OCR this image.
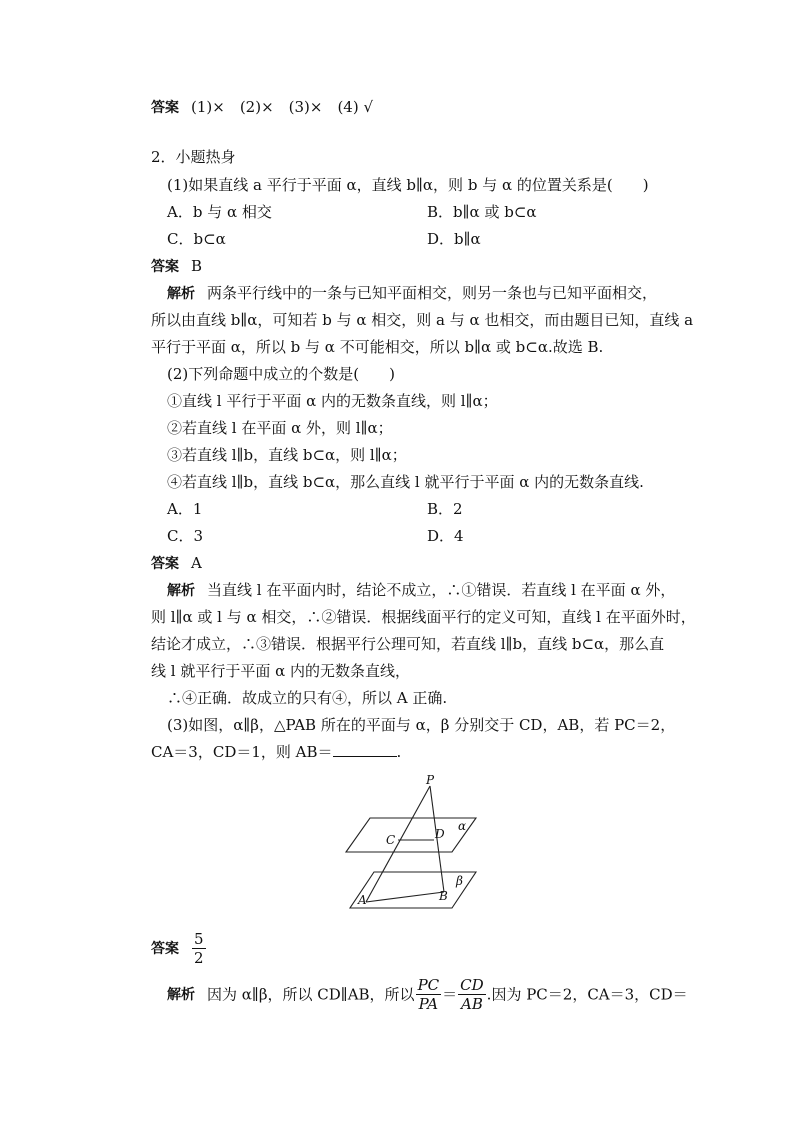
答案 (1)×　(2)×　(3)×　(4) √
2．小题热身
(1)如果直线 a 平行于平面 α，直线 b∥α，则 b 与 α 的位置关系是(　　)
A．b 与 α 相交	B．b∥α 或 b⊂α
C．b⊂α	D．b∥α
答案 B
解析 两条平行线中的一条与已知平面相交，则另一条也与已知平面相交，
所以由直线 b∥α，可知若 b 与 α 相交，则 a 与 α 也相交，而由题目已知，直线 a
平行于平面 α，所以 b 与 α 不可能相交，所以 b∥α 或 b⊂α.故选 B.
(2)下列命题中成立的个数是(　　)
①直线 l 平行于平面 α 内的无数条直线，则 l∥α；
②若直线 l 在平面 α 外，则 l∥α；
③若直线 l∥b，直线 b⊂α，则 l∥α；
④若直线 l∥b，直线 b⊂α，那么直线 l 就平行于平面 α 内的无数条直线.
A．1	B．2
C．3	D．4
答案 A
解析 当直线 l 在平面内时，结论不成立，∴①错误．若直线 l 在平面 α 外，
则 l∥α 或 l 与 α 相交，∴②错误．根据线面平行的定义可知，直线 l 在平面外时，
结论才成立，∴③错误．根据平行公理可知，若直线 l∥b，直线 b⊂α，那么直
线 l 就平行于平面 α 内的无数条直线，
∴④正确．故成立的只有④，所以 A 正确.
(3)如图，α∥β，△PAB 所在的平面与 α，β 分别交于 CD，AB，若 PC＝2，
CA＝3，CD＝1，则 AB＝	.
P
C	D
A	B
α
β
答案 $\frac{5}{2}$
解析 因为 α∥β，所以 CD∥AB，所以 $\frac{PC}{PA} = \frac{CD}{AB}$ .因为 PC＝2，CA＝3，CD＝
